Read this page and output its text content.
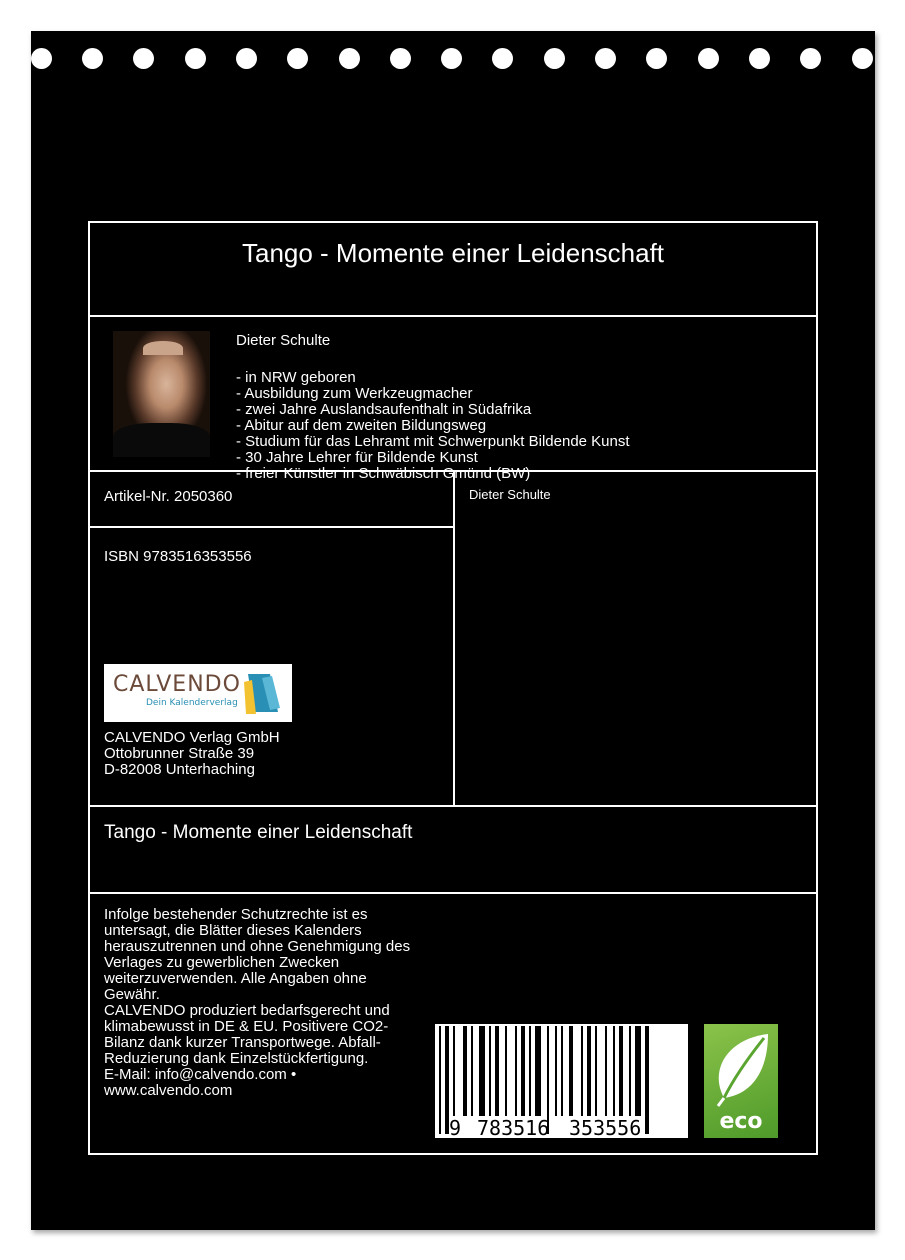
Tango - Momente einer Leidenschaft
Dieter Schulte
- in NRW geboren
- Ausbildung zum Werkzeugmacher
- zwei Jahre Auslandsaufenthalt in Südafrika
- Abitur auf dem zweiten Bildungsweg
- Studium für das Lehramt mit Schwerpunkt Bildende Kunst
- 30 Jahre Lehrer für Bildende Kunst
- freier Künstler in Schwäbisch Gmünd (BW)
Artikel-Nr. 2050360
ISBN 9783516353556
Dieter Schulte
CALVENDO
Dein Kalenderverlag
CALVENDO Verlag GmbH
Ottobrunner Straße 39
D-82008 Unterhaching
Tango - Momente einer Leidenschaft
Infolge bestehender Schutzrechte ist es
untersagt, die Blätter dieses Kalenders
herauszutrennen und ohne Genehmigung des
Verlages zu gewerblichen Zwecken
weiterzuverwenden. Alle Angaben ohne
Gewähr.
CALVENDO produziert bedarfsgerecht und
klimabewusst in DE & EU. Positivere CO2-
Bilanz dank kurzer Transportwege. Abfall-
Reduzierung dank Einzelstückfertigung.
E-Mail: info@calvendo.com •
www.calvendo.com
9 783516 353556	eco
